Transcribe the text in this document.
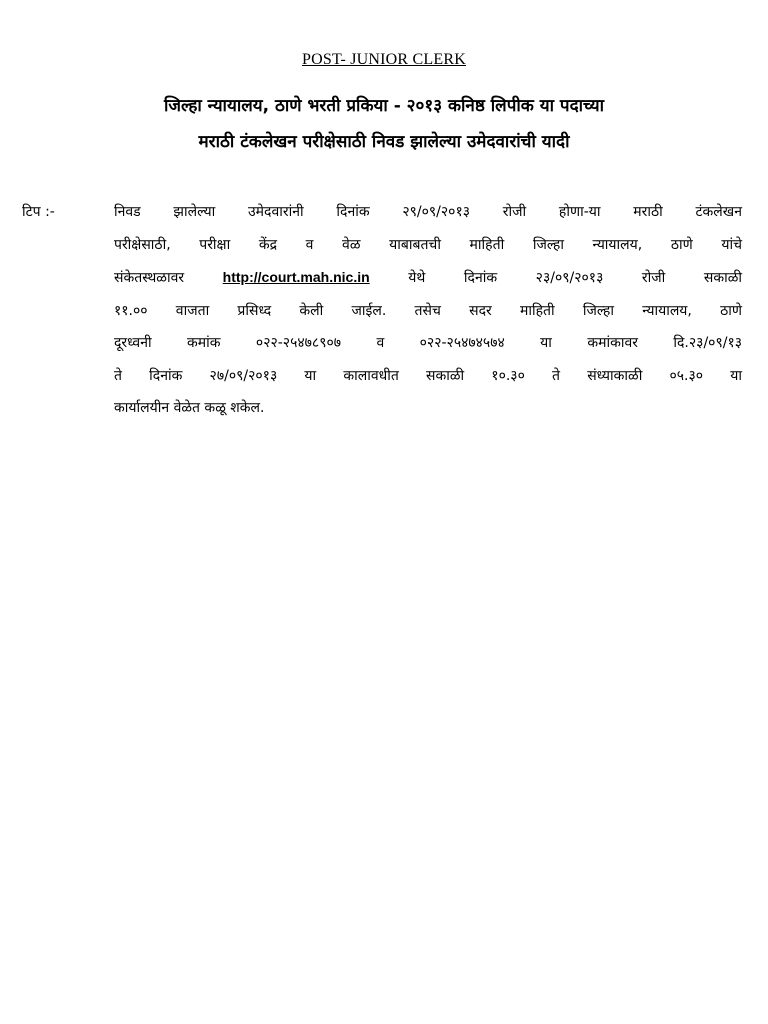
POST- JUNIOR CLERK
जिल्हा न्यायालय, ठाणे भरती प्रकिया - २०१३ कनिष्ठ लिपीक या पदाच्या
मराठी टंकलेखन परीक्षेसाठी निवड झालेल्या उमेदवारांची यादी
टिप :-	निवड झालेल्या उमेदवारांनी दिनांक २९/०९/२०१३ रोजी होणा-या मराठी टंकलेखन
परीक्षेसाठी, परीक्षा केंद्र व वेळ याबाबतची माहिती जिल्हा न्यायालय, ठाणे यांचे
संकेतस्थळावर	http://court.mah.nic.in	येथे दिनांक २३/०९/२०१३ रोजी सकाळी
११.०० वाजता प्रसिध्द केली जाईल. तसेच सदर माहिती जिल्हा न्यायालय, ठाणे
दूरध्वनी कमांक ०२२-२५४७८९०७ व ०२२-२५४७४५७४ या कमांकावर दि.२३/०९/१३
ते दिनांक २७/०९/२०१३ या कालावधीत सकाळी १०.३० ते संध्याकाळी ०५.३० या
कार्यालयीन वेळेत कळू शकेल.
